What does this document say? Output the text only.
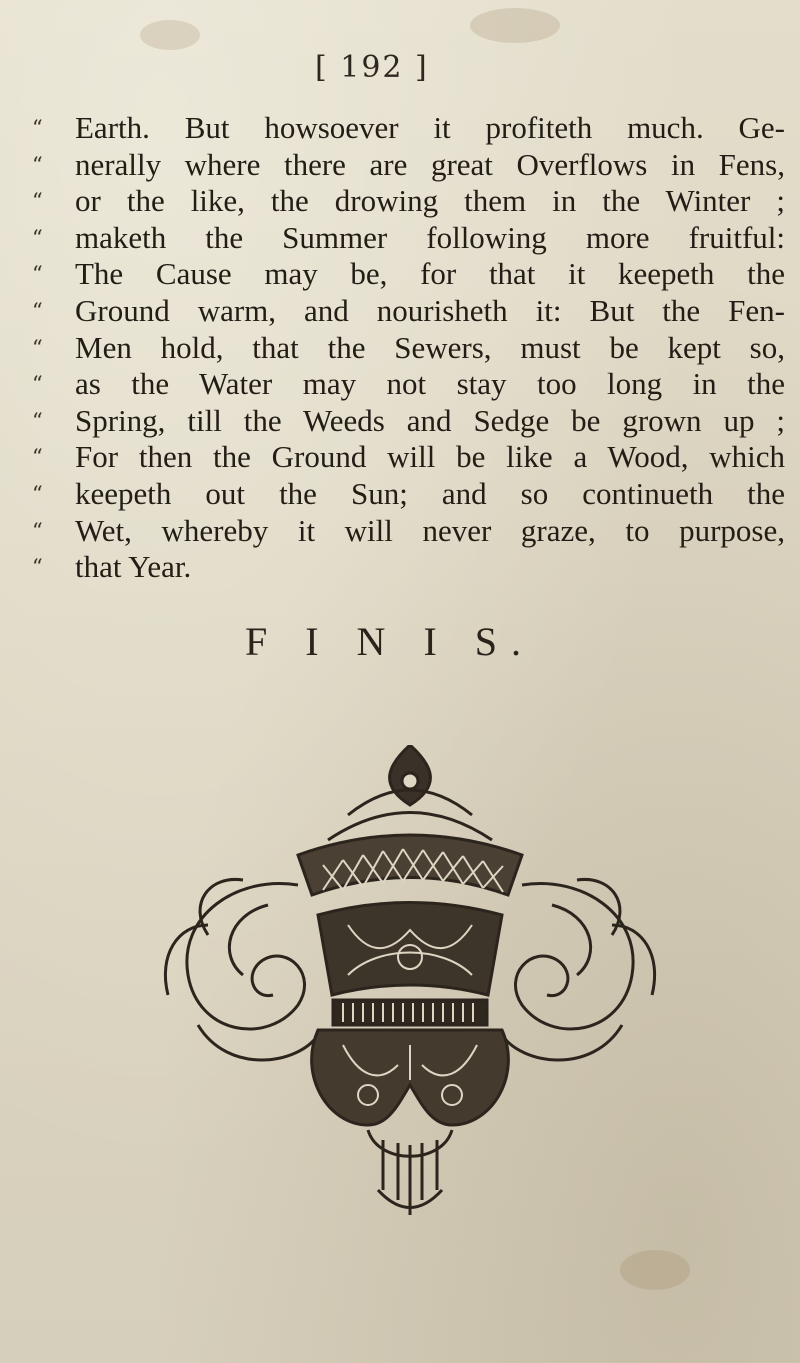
[ 192 ]
“
“
“
“
“
“
“
“
“
“
“
“
“
Earth. But howsoever it profiteth much. Ge-
nerally where there are great Overflows in Fens,
or the like, the drowing them in the Winter ;
maketh the Summer following more fruitful:
The Cause may be, for that it keepeth the
Ground warm, and nourisheth it: But the Fen-
Men hold, that the Sewers, must be kept so,
as the Water may not stay too long in the
Spring, till the Weeds and Sedge be grown up ;
For then the Ground will be like a Wood, which
keepeth out the Sun; and so continueth the
Wet, whereby it will never graze, to purpose,
that Year.
F I N I S.
